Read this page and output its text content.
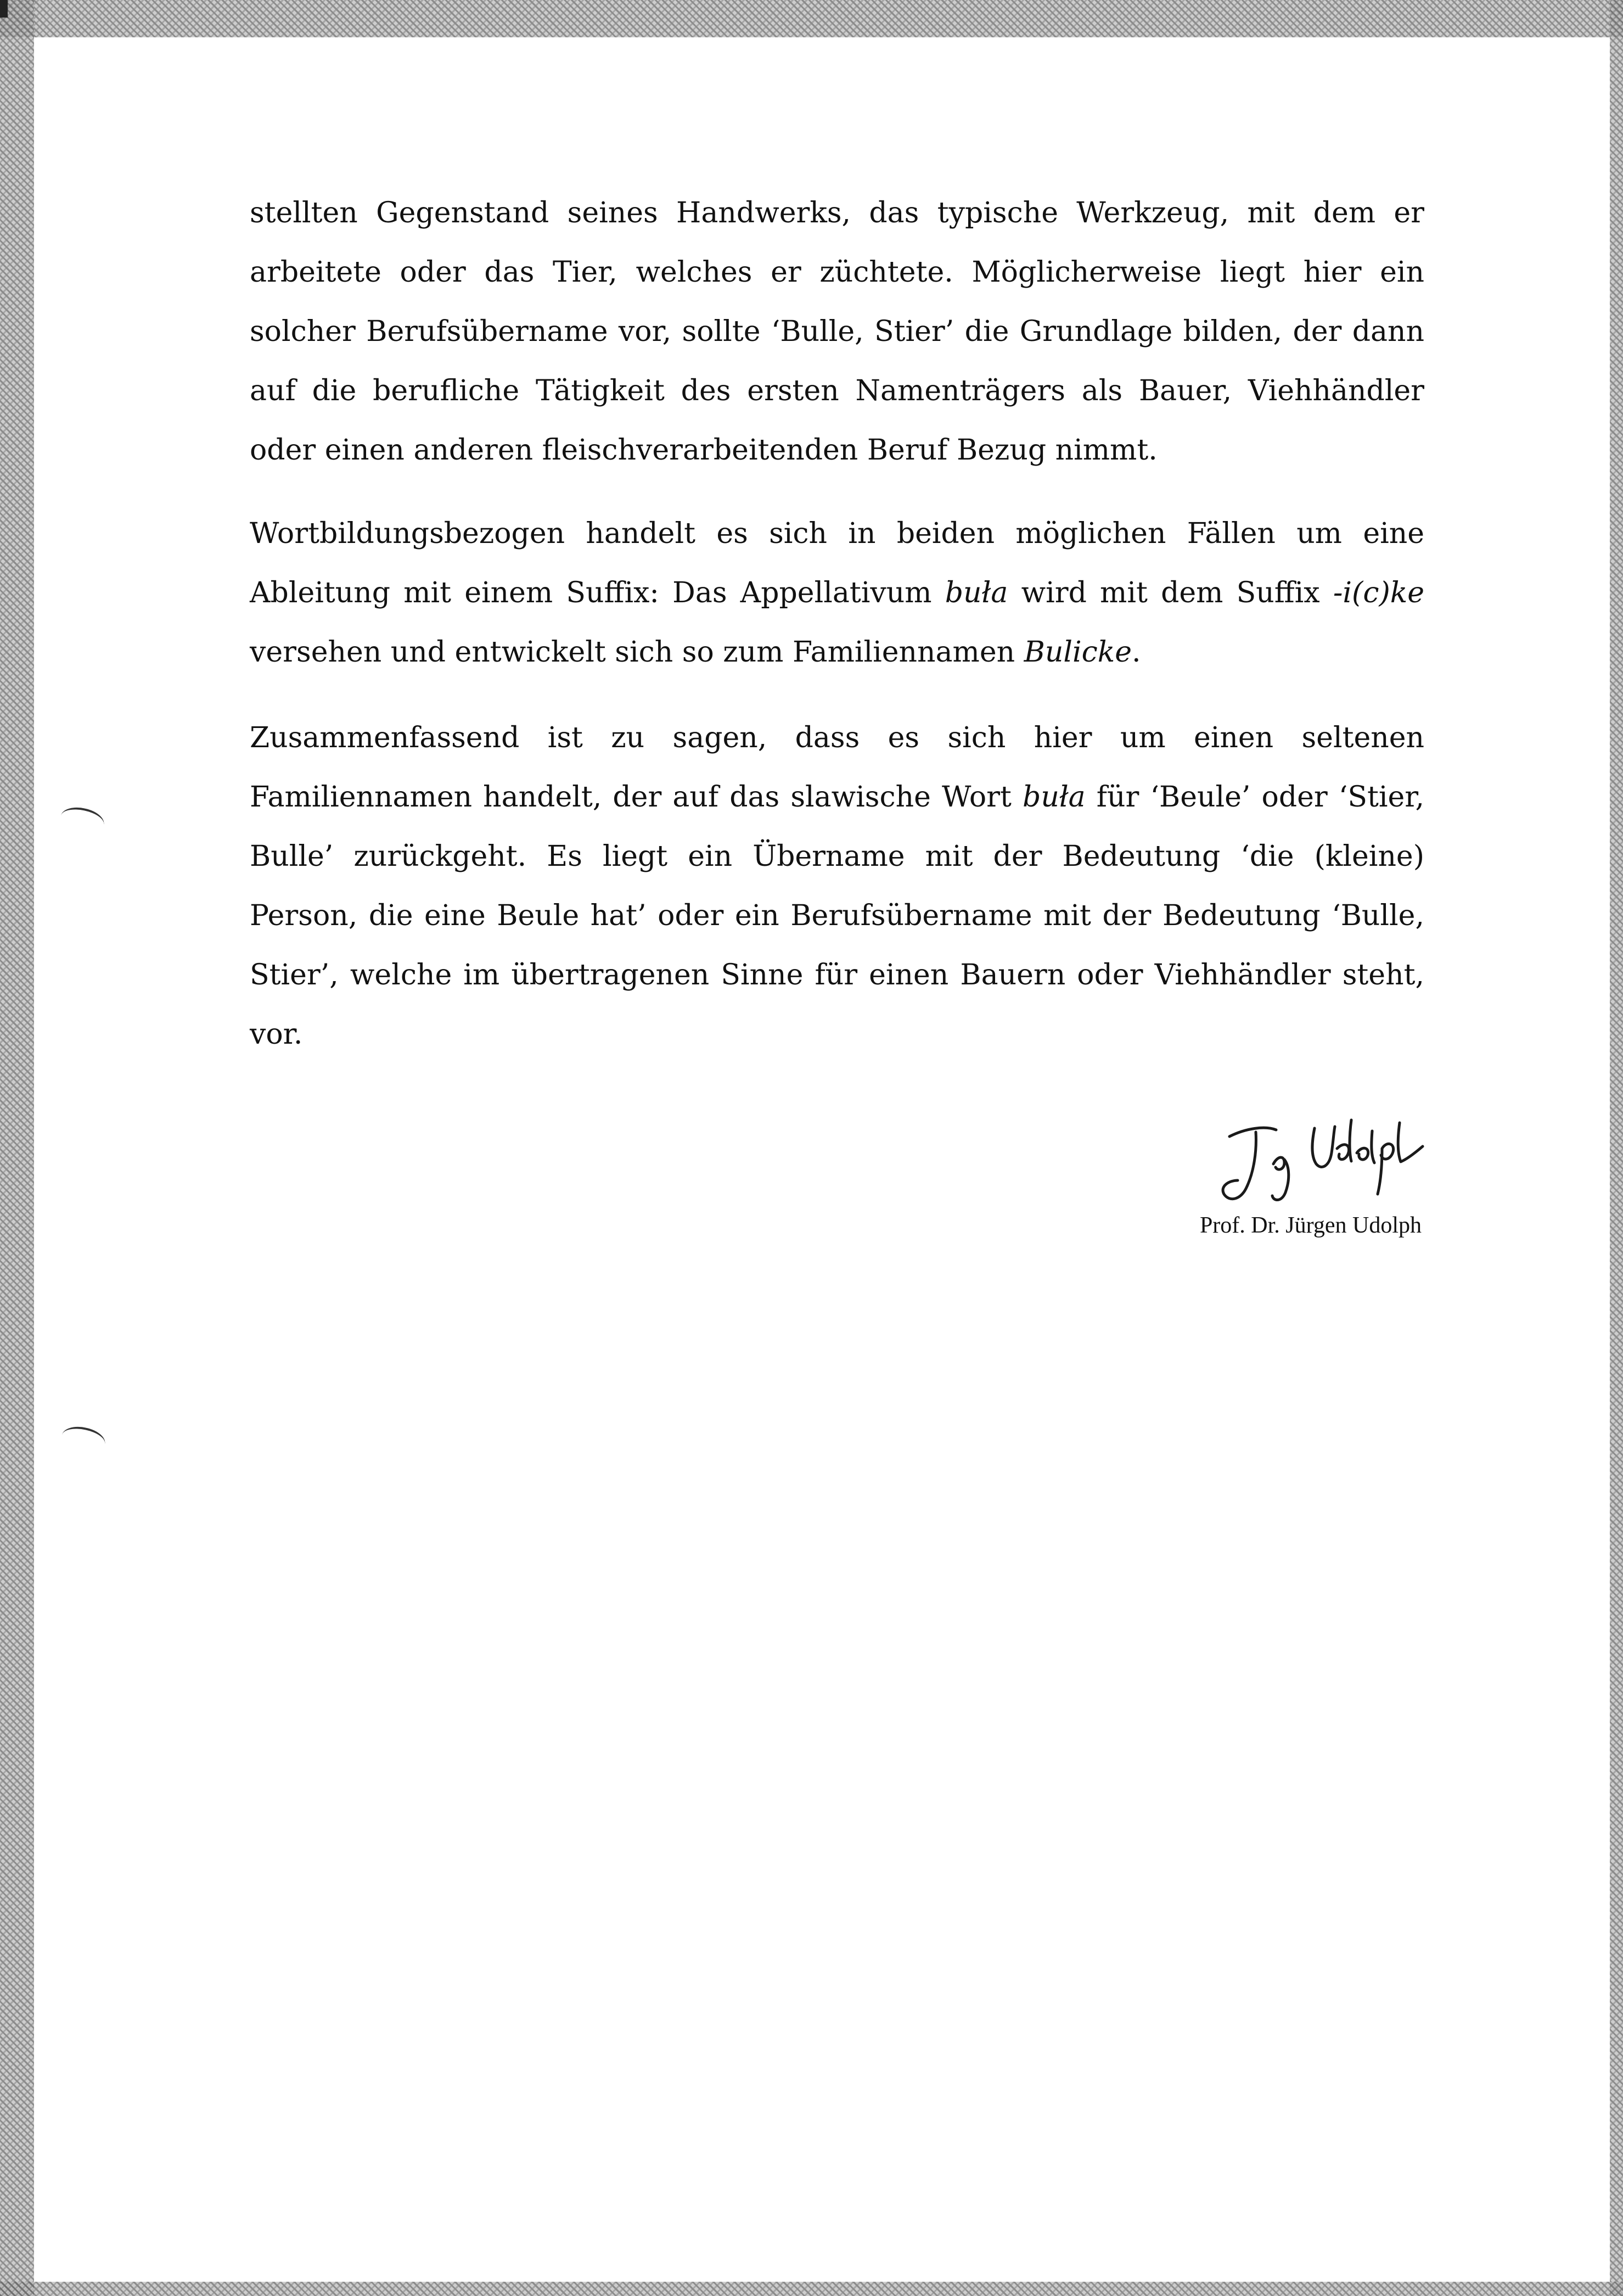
stellten Gegenstand seines Handwerks, das typische Werkzeug, mit dem er arbeitete oder das Tier, welches er züchtete. Möglicherweise liegt hier ein solcher Berufsübername vor, sollte ‘Bulle, Stier’ die Grundlage bilden, der dann auf die berufliche Tätigkeit des ersten Namenträgers als Bauer, Viehhändler oder einen anderen fleischverarbeitenden Beruf Bezug nimmt.

Wortbildungsbezogen handelt es sich in beiden möglichen Fällen um eine Ableitung mit einem Suffix: Das Appellativum buła wird mit dem Suffix -i(c)ke versehen und entwickelt sich so zum Familiennamen Bulicke.

Zusammenfassend ist zu sagen, dass es sich hier um einen seltenen Familiennamen handelt, der auf das slawische Wort buła für ‘Beule’ oder ‘Stier, Bulle’ zurückgeht. Es liegt ein Übername mit der Bedeutung ‘die (kleine) Person, die eine Beule hat’ oder ein Berufsübername mit der Bedeutung ‘Bulle, Stier’, welche im übertragenen Sinne für einen Bauern oder Viehhändler steht, vor.

Prof. Dr. Jürgen Udolph
